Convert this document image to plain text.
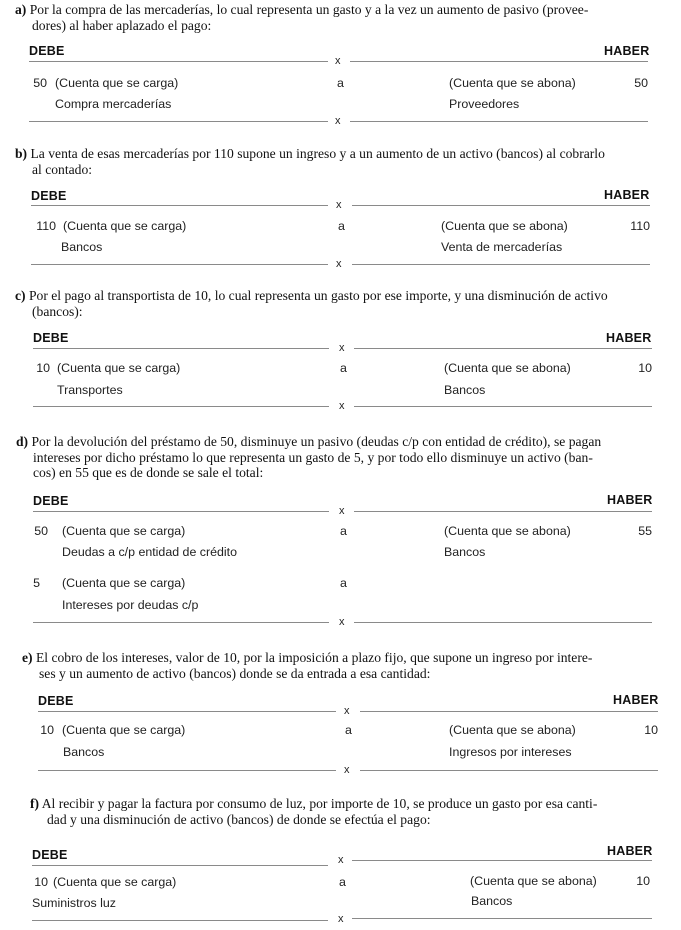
a) Por la compra de las mercaderías, lo cual representa un gasto y a la vez un aumento de pasivo (provee-
dores) al haber aplazado el pago:
DEBE	HABER
x
50 (Cuenta que se carga)	a	(Cuenta que se abona)	50
Compra mercaderías	Proveedores
x
b) La venta de esas mercaderías por 110 supone un ingreso y a un aumento de un activo (bancos) al cobrarlo
al contado:
DEBE	HABER
x
110 (Cuenta que se carga)	a	(Cuenta que se abona)	110
Bancos	Venta de mercaderías
x
c) Por el pago al transportista de 10, lo cual representa un gasto por ese importe, y una disminución de activo
(bancos):
DEBE	HABER
x
10 (Cuenta que se carga)	a	(Cuenta que se abona)	10
Transportes	Bancos
x
d) Por la devolución del préstamo de 50, disminuye un pasivo (deudas c/p con entidad de crédito), se pagan
intereses por dicho préstamo lo que representa un gasto de 5, y por todo ello disminuye un activo (ban-
cos) en 55 que es de donde se sale el total:
DEBE	HABER
x
50 (Cuenta que se carga)	a	(Cuenta que se abona)	55
Deudas a c/p entidad de crédito	Bancos
5 (Cuenta que se carga)	a
Intereses por deudas c/p
x
e) El cobro de los intereses, valor de 10, por la imposición a plazo fijo, que supone un ingreso por intere-
ses y un aumento de activo (bancos) donde se da entrada a esa cantidad:
DEBE	HABER
x
10 (Cuenta que se carga)	a	(Cuenta que se abona)	10
Bancos	Ingresos por intereses
x
f) Al recibir y pagar la factura por consumo de luz, por importe de 10, se produce un gasto por esa canti-
dad y una disminución de activo (bancos) de donde se efectúa el pago:
DEBE	HABER
x
10 (Cuenta que se carga)	a	(Cuenta que se abona)	10
Suministros luz	Bancos
x
